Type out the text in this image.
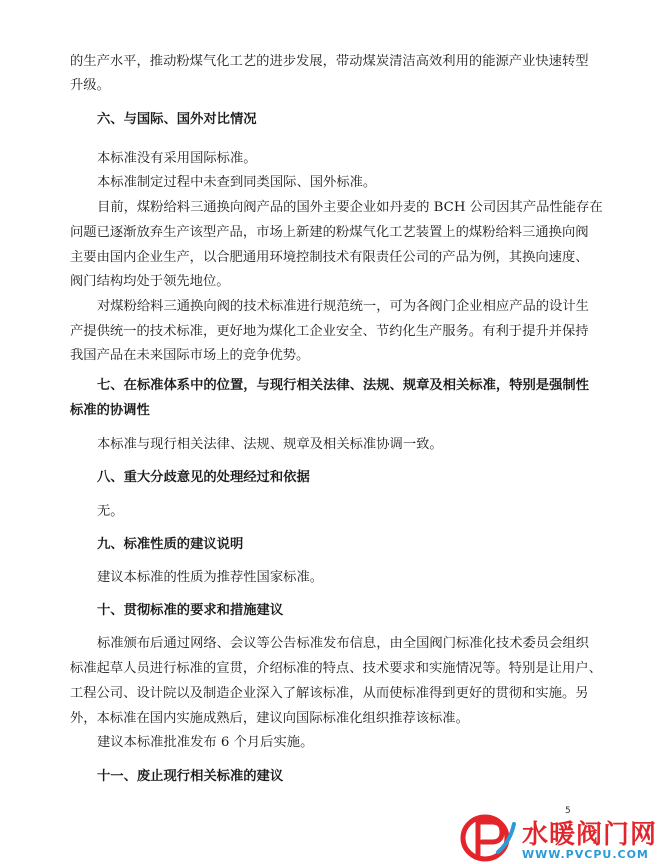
的生产水平，推动粉煤气化工艺的进步发展，带动煤炭清洁高效利用的能源产业快速转型
升级。
六、与国际、国外对比情况
本标准没有采用国际标准。
本标准制定过程中未查到同类国际、国外标准。
目前，煤粉给料三通换向阀产品的国外主要企业如丹麦的 BCH 公司因其产品性能存在
问题已逐渐放弃生产该型产品，市场上新建的粉煤气化工艺装置上的煤粉给料三通换向阀
主要由国内企业生产，以合肥通用环境控制技术有限责任公司的产品为例，其换向速度、
阀门结构均处于领先地位。
对煤粉给料三通换向阀的技术标准进行规范统一，可为各阀门企业相应产品的设计生
产提供统一的技术标准，更好地为煤化工企业安全、节约化生产服务。有利于提升并保持
我国产品在未来国际市场上的竞争优势。
七、在标准体系中的位置，与现行相关法律、法规、规章及相关标准，特别是强制性
标准的协调性
本标准与现行相关法律、法规、规章及相关标准协调一致。
八、重大分歧意见的处理经过和依据
无。
九、标准性质的建议说明
建议本标准的性质为推荐性国家标准。
十、贯彻标准的要求和措施建议
标准颁布后通过网络、会议等公告标准发布信息，由全国阀门标准化技术委员会组织
标准起草人员进行标准的宣贯，介绍标准的特点、技术要求和实施情况等。特别是让用户、
工程公司、设计院以及制造企业深入了解该标准，从而使标准得到更好的贯彻和实施。另
外，本标准在国内实施成熟后，建议向国际标准化组织推荐该标准。
建议本标准批准发布 6 个月后实施。
十一、废止现行相关标准的建议
5
水暖阀门网
WWW.PVCPU.COM
